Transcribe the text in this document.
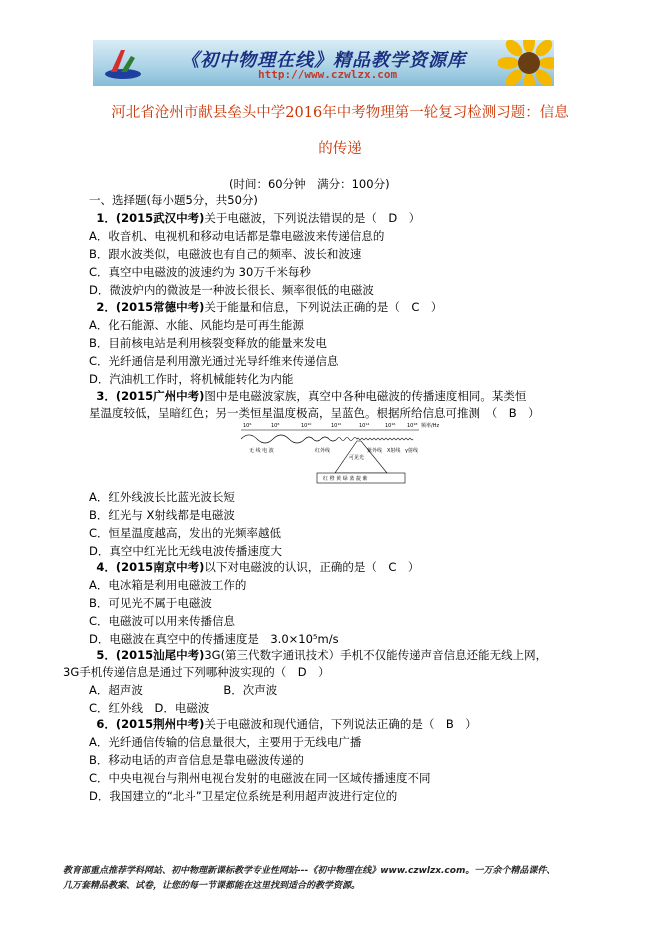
《初中物理在线》精品教学资源库
http://www.czwlzx.com
河北省沧州市献县垒头中学2016年中考物理第一轮复习检测习题：信息
的传递
(时间：60分钟　满分：100分)
一、选择题(每小题5分，共50分)
1．(2015武汉中考)关于电磁波，下列说法错误的是（　D　）
A．收音机、电视机和移动电话都是靠电磁波来传递信息的
B．跟水波类似，电磁波也有自己的频率、波长和波速
C．真空中电磁波的波速约为 30万千米每秒
D．微波炉内的微波是一种波长很长、频率很低的电磁波
2．(2015常德中考)关于能量和信息，下列说法正确的是（　C　）
A．化石能源、水能、风能均是可再生能源
B．目前核电站是利用核裂变释放的能量来发电
C．光纤通信是利用激光通过光导纤维来传递信息
D．汽油机工作时，将机械能转化为内能
3．(2015广州中考)图中是电磁波家族，真空中各种电磁波的传播速度相同。某类恒
星温度较低，呈暗红色；另一类恒星温度极高，呈蓝色。根据所给信息可推测　（　B　）
10⁶	10⁸	10¹⁰	10¹²	10¹⁴	10¹⁶ 10¹⁸ 频率/Hz
无 线 电 波	红外线	紫外线 X射线 γ射线
可见光
红 橙 黄 绿 蓝 靛 紫
A．红外线波长比蓝光波长短
B．红光与 X射线都是电磁波
C．恒星温度越高，发出的光频率越低
D．真空中红光比无线电波传播速度大
4．(2015南京中考)以下对电磁波的认识，正确的是（　C　）
A．电冰箱是利用电磁波工作的
B．可见光不属于电磁波
C．电磁波可以用来传播信息
D．电磁波在真空中的传播速度是　3.0×10⁵m/s
5．(2015汕尾中考)3G(第三代数字通讯技术）手机不仅能传递声音信息还能无线上网，
3G手机传递信息是通过下列哪种波实现的（　D　）
A．超声波　　　　　　　B．次声波
C．红外线　D．电磁波
6．(2015荆州中考)关于电磁波和现代通信，下列说法正确的是（　B　）
A．光纤通信传输的信息量很大，主要用于无线电广播
B．移动电话的声音信息是靠电磁波传递的
C．中央电视台与荆州电视台发射的电磁波在同一区域传播速度不同
D．我国建立的“北斗”卫星定位系统是利用超声波进行定位的
教育部重点推荐学科网站、初中物理新课标教学专业性网站---《初中物理在线》www.czwlzx.com。一万余个精品课件、
几万套精品教案、试卷，让您的每一节课都能在这里找到适合的教学资源。
